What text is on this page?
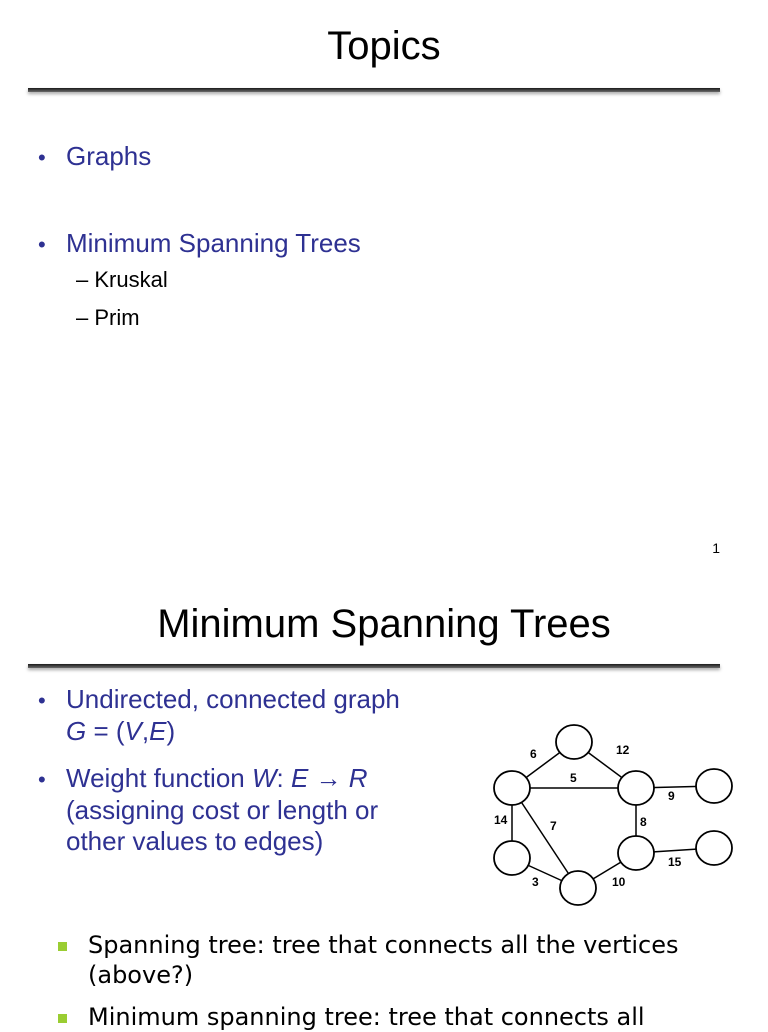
Topics
• Graphs
• Minimum Spanning Trees
– Kruskal
– Prim
1
Minimum Spanning Trees
• Undirected, connected graph
G = (V,E)
• Weight function W: E → R
(assigning cost or length or
other values to edges)
6	12
5
9
14	7	8
15
3	10
Spanning tree: tree that connects all the vertices (above?)
Minimum spanning tree: tree that connects all
